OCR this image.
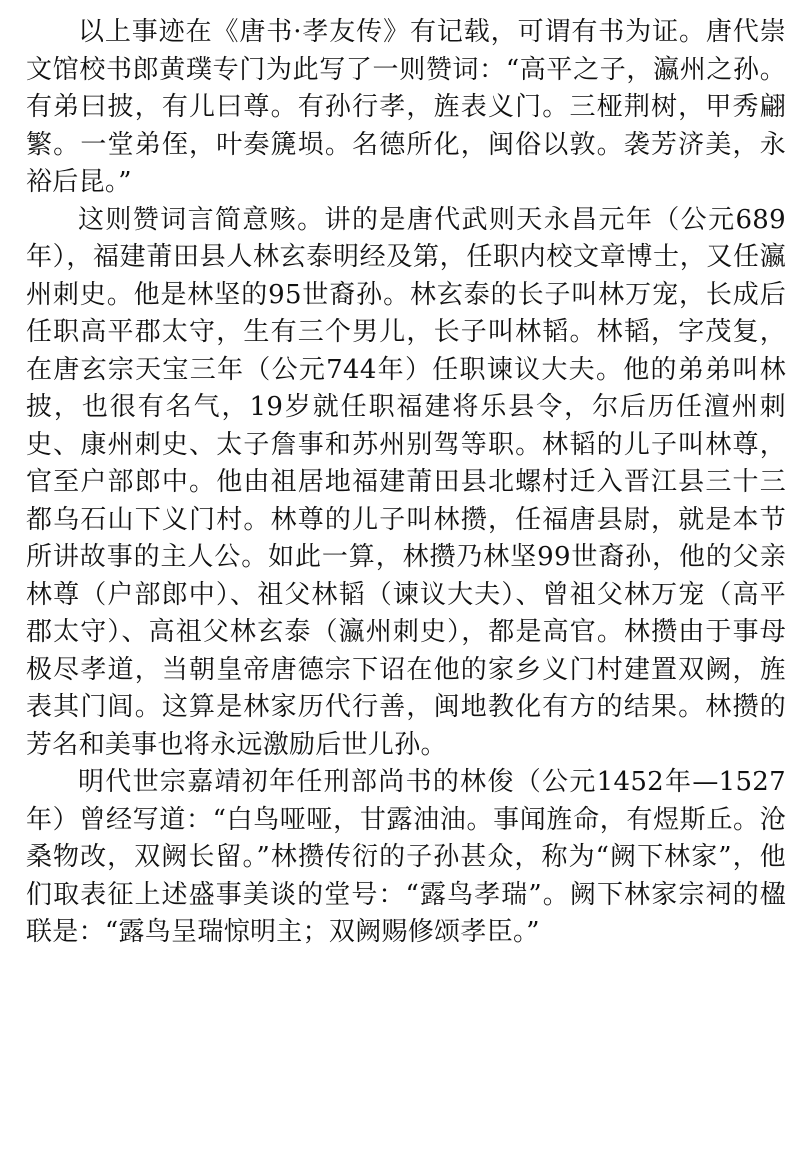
以上事迹在《唐书·孝友传》有记载，可谓有书为证。唐代崇文馆校书郎黄璞专门为此写了一则赞词：“高平之子，瀛州之孙。有弟曰披，有儿曰尊。有孙行孝，旌表义门。三桠荆树，甲秀翩繁。一堂弟侄，叶奏篪埙。名德所化，闽俗以敦。袭芳济美，永裕后昆。”

这则赞词言简意赅。讲的是唐代武则天永昌元年（公元689年），福建莆田县人林玄泰明经及第，任职内校文章博士，又任瀛州刺史。他是林坚的95世裔孙。林玄泰的长子叫林万宠，长成后任职高平郡太守，生有三个男儿，长子叫林韬。林韬，字茂复，在唐玄宗天宝三年（公元744年）任职谏议大夫。他的弟弟叫林披，也很有名气，19岁就任职福建将乐县令，尔后历任澶州刺史、康州刺史、太子詹事和苏州别驾等职。林韬的儿子叫林尊，官至户部郎中。他由祖居地福建莆田县北螺村迁入晋江县三十三都乌石山下义门村。林尊的儿子叫林攒，任福唐县尉，就是本节所讲故事的主人公。如此一算，林攒乃林坚99世裔孙，他的父亲林尊（户部郎中）、祖父林韬（谏议大夫）、曾祖父林万宠（高平郡太守）、高祖父林玄泰（瀛州刺史），都是高官。林攒由于事母极尽孝道，当朝皇帝唐德宗下诏在他的家乡义门村建置双阙，旌表其门闾。这算是林家历代行善，闽地教化有方的结果。林攒的芳名和美事也将永远激励后世儿孙。

明代世宗嘉靖初年任刑部尚书的林俊（公元1452年—1527年）曾经写道：“白鸟哑哑，甘露油油。事闻旌命，有煜斯丘。沧桑物改，双阙长留。”林攒传衍的子孙甚众，称为“阙下林家”，他们取表征上述盛事美谈的堂号：“露鸟孝瑞”。阙下林家宗祠的楹联是：“露鸟呈瑞惊明主；双阙赐修颂孝臣。”
